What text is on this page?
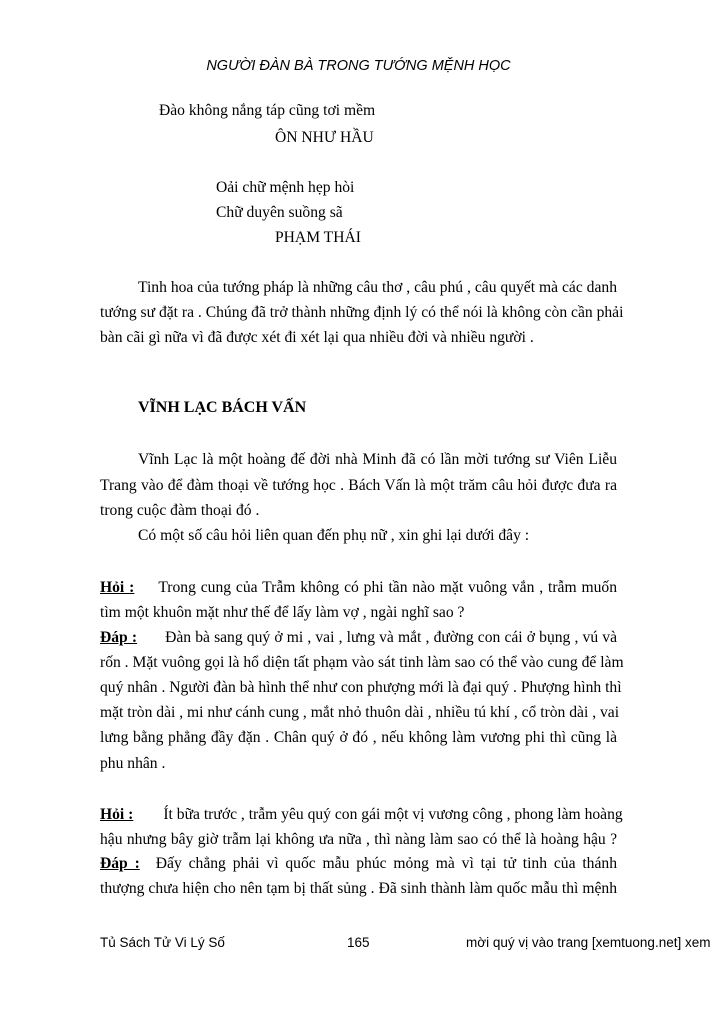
NGƯỜI ĐÀN BÀ TRONG TƯỚNG MỆNH HỌC
Đào không nắng táp cũng tơi mềm
ÔN NHƯ HẦU
Oải chữ mệnh hẹp hòi
Chữ duyên suồng sã
PHẠM THÁI
Tinh hoa của tướng pháp là những câu thơ , câu phú , câu quyết mà các danh
tướng sư đặt ra . Chúng đã trở thành những định lý có thể nói là không còn cần phải
bàn cãi gì nữa vì đã được xét đi xét lại qua nhiều đời và nhiều người .
VĨNH LẠC BÁCH VẤN
Vĩnh Lạc là một hoàng đế đời nhà Minh đã có lần mời tướng sư Viên Liễu
Trang vào để đàm thoại về tướng học . Bách Vấn là một trăm câu hỏi được đưa ra
trong cuộc đàm thoại đó .
Có một số câu hỏi liên quan đến phụ nữ , xin ghi lại dưới đây :
Hỏi : Trong cung của Trẫm không có phi tần nào mặt vuông vắn , trẫm muốn
tìm một khuôn mặt như thế để lấy làm vợ , ngài nghĩ sao ?
Đáp : Đàn bà sang quý ở mi , vai , lưng và mắt , đường con cái ở bụng , vú và
rốn . Mặt vuông gọi là hổ diện tất phạm vào sát tinh làm sao có thể vào cung để làm
quý nhân . Người đàn bà hình thể như con phượng mới là đại quý . Phượng hình thì
mặt tròn dài , mi như cánh cung , mắt nhỏ thuôn dài , nhiều tú khí , cổ tròn dài , vai
lưng bằng phẳng đầy đặn . Chân quý ở đó , nếu không làm vương phi thì cũng là
phu nhân .
Hỏi : Ít bữa trước , trẫm yêu quý con gái một vị vương công , phong làm hoàng
hậu nhưng bây giờ trẫm lại không ưa nữa , thì nàng làm sao có thể là hoàng hậu ?
Đáp : Đấy chẳng phải vì quốc mẫu phúc mỏng mà vì tại tử tinh của thánh
thượng chưa hiện cho nên tạm bị thất sủng . Đã sinh thành làm quốc mẫu thì mệnh
Tủ Sách Tử Vi Lý Số	165	mời quý vị vào trang [xemtuong.net] xem
